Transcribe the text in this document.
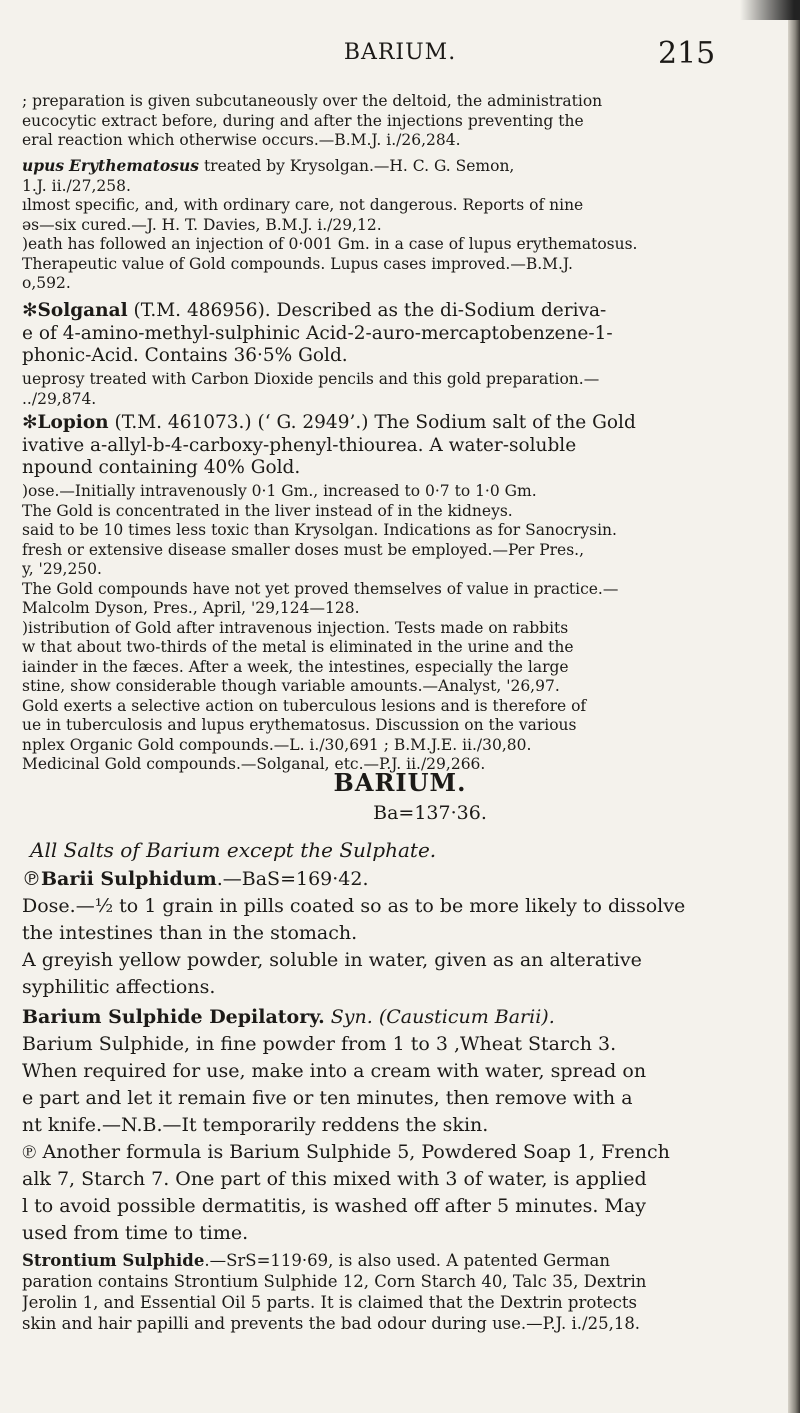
BARIUM.	215
; preparation is given subcutaneously over the deltoid, the administration
eucocytic extract before, during and after the injections preventing the
eral reaction which otherwise occurs.—B.M.J. i./26,284.
upus Erythematosus treated by Krysolgan.—H. C. G. Semon,
1.J. ii./27,258.
ılmost specific, and, with ordinary care, not dangerous. Reports of nine
əs—six cured.—J. H. T. Davies, B.M.J. i./29,12.
)eath has followed an injection of 0·001 Gm. in a case of lupus erythematosus.
Therapeutic value of Gold compounds. Lupus cases improved.—B.M.J.
o,592.
✻Solganal (T.M. 486956). Described as the di-Sodium deriva-
e of 4-amino-methyl-sulphinic Acid-2-auro-mercaptobenzene-1-
phonic-Acid. Contains 36·5% Gold.
ueprosy treated with Carbon Dioxide pencils and this gold preparation.—
../29,874.
✻Lopion (T.M. 461073.) (‘ G. 2949’.) The Sodium salt of the Gold
ivative a-allyl-b-4-carboxy-phenyl-thiourea. A water-soluble
npound containing 40% Gold.
)ose.—Initially intravenously 0·1 Gm., increased to 0·7 to 1·0 Gm.
The Gold is concentrated in the liver instead of in the kidneys.
said to be 10 times less toxic than Krysolgan. Indications as for Sanocrysin.
fresh or extensive disease smaller doses must be employed.—Per Pres.,
y, '29,250.
The Gold compounds have not yet proved themselves of value in practice.—
Malcolm Dyson, Pres., April, '29,124—128.
)istribution of Gold after intravenous injection. Tests made on rabbits
w that about two-thirds of the metal is eliminated in the urine and the
iainder in the fæces. After a week, the intestines, especially the large
stine, show considerable though variable amounts.—Analyst, '26,97.
Gold exerts a selective action on tuberculous lesions and is therefore of
ue in tuberculosis and lupus erythematosus. Discussion on the various
nplex Organic Gold compounds.—L. i./30,691 ; B.M.J.E. ii./30,80.
Medicinal Gold compounds.—Solganal, etc.—P.J. ii./29,266.
BARIUM.
Ba=137·36.
All Salts of Barium except the Sulphate.
℗Barii Sulphidum.—BaS=169·42.
Dose.—½ to 1 grain in pills coated so as to be more likely to dissolve
the intestines than in the stomach.
A greyish yellow powder, soluble in water, given as an alterative
syphilitic affections.
Barium Sulphide Depilatory. Syn. (Causticum Barii).
Barium Sulphide, in fine powder from 1 to 3 ,Wheat Starch 3.
When required for use, make into a cream with water, spread on
e part and let it remain five or ten minutes, then remove with a
nt knife.—N.B.—It temporarily reddens the skin.
℗ Another formula is Barium Sulphide 5, Powdered Soap 1, French
alk 7, Starch 7. One part of this mixed with 3 of water, is applied
l to avoid possible dermatitis, is washed off after 5 minutes. May
used from time to time.
Strontium Sulphide.—SrS=119·69, is also used. A patented German
paration contains Strontium Sulphide 12, Corn Starch 40, Talc 35, Dextrin
Jerolin 1, and Essential Oil 5 parts. It is claimed that the Dextrin protects
skin and hair papilli and prevents the bad odour during use.—P.J. i./25,18.
